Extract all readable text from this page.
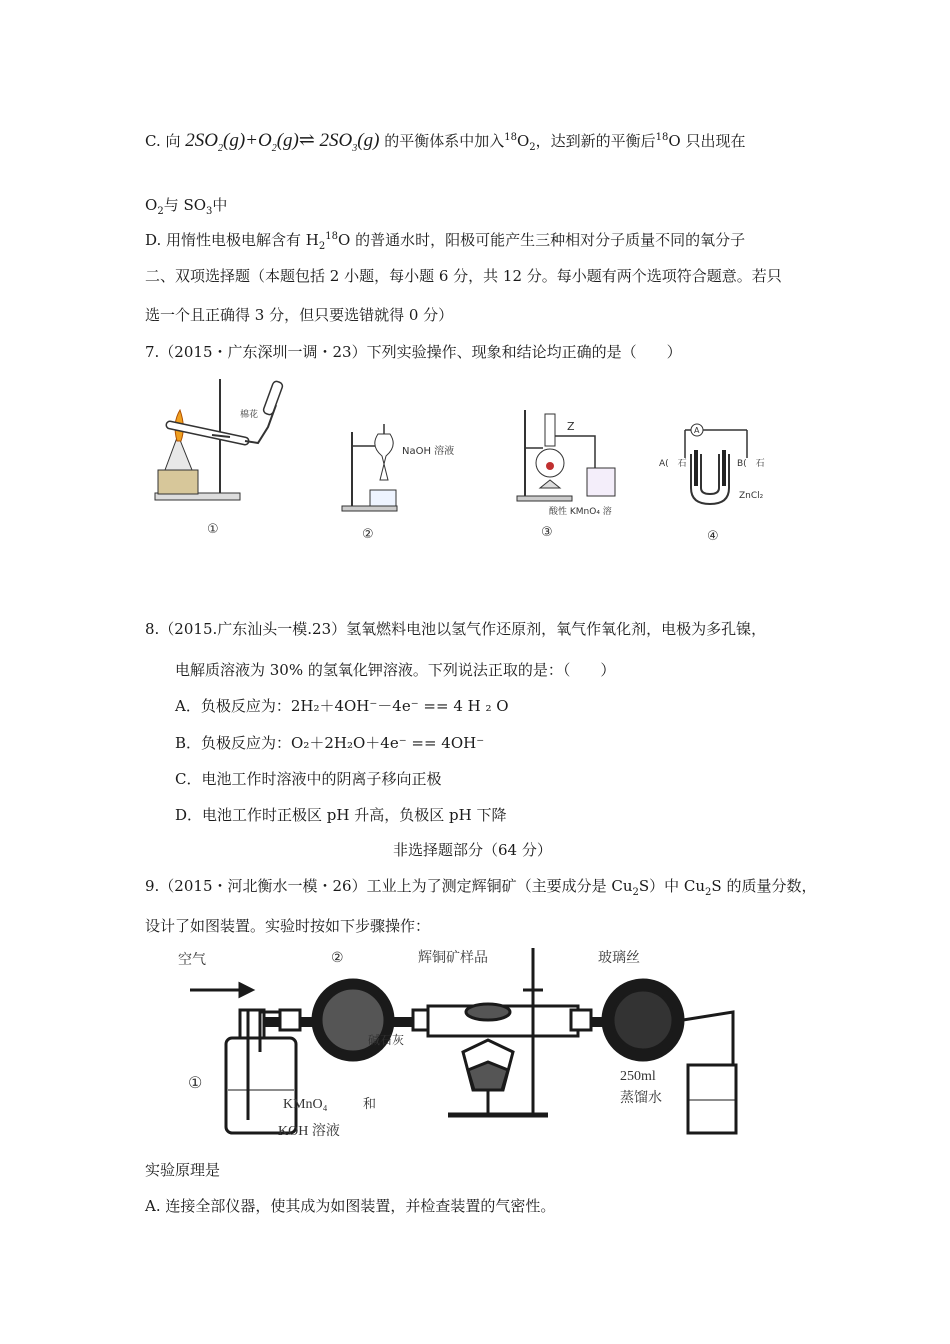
C. 向 $2SO_2(g)+O_2(g)\rightleftharpoons$ $2SO_3(g)$ 的平衡体系中加入$^{18}O_2$，达到新的平衡后$^{18}$O 只出现在
$O_2$与 $SO_3$中
D. 用惰性电极电解含有 $H_2^{18}O$ 的普通水时，阳极可能产生三种相对分子质量不同的氧分子
二、双项选择题（本题包括 2 小题，每小题 6 分，共 12 分。每小题有两个选项符合题意。若只
选一个且正确得 3 分，但只要选错就得 0 分）
7.（2015・广东深圳一调・23）下列实验操作、现象和结论均正确的是（　　）
棉花
①
NaOH 溶液
②
Z
酸性 KMnO₄ 溶
③
A
A(　石	B(　石
ZnCl₂
④
8.（2015.广东汕头一模.23）氢氧燃料电池以氢气作还原剂，氧气作氧化剂，电极为多孔镍，
电解质溶液为 30% 的氢氧化钾溶液。下列说法正取的是：（　　）
A．负极反应为：2H₂＋4OH⁻－4e⁻ == 4 H ₂ O
B．负极反应为：O₂＋2H₂O＋4e⁻ == 4OH⁻
C．电池工作时溶液中的阴离子移向正极
D．电池工作时正极区 pH 升高，负极区 pH 下降
非选择题部分（64 分）
9.（2015・河北衡水一模・26）工业上为了测定辉铜矿（主要成分是 $Cu_2S$）中 $Cu_2S$ 的质量分数，
设计了如图装置。实验时按如下步骤操作：
空气	②	辉铜矿样品	玻璃丝
碱石灰
①
KMnO₄	和
KOH 溶液
250ml
蒸馏水
实验原理是
A. 连接全部仪器，使其成为如图装置，并检查装置的气密性。
